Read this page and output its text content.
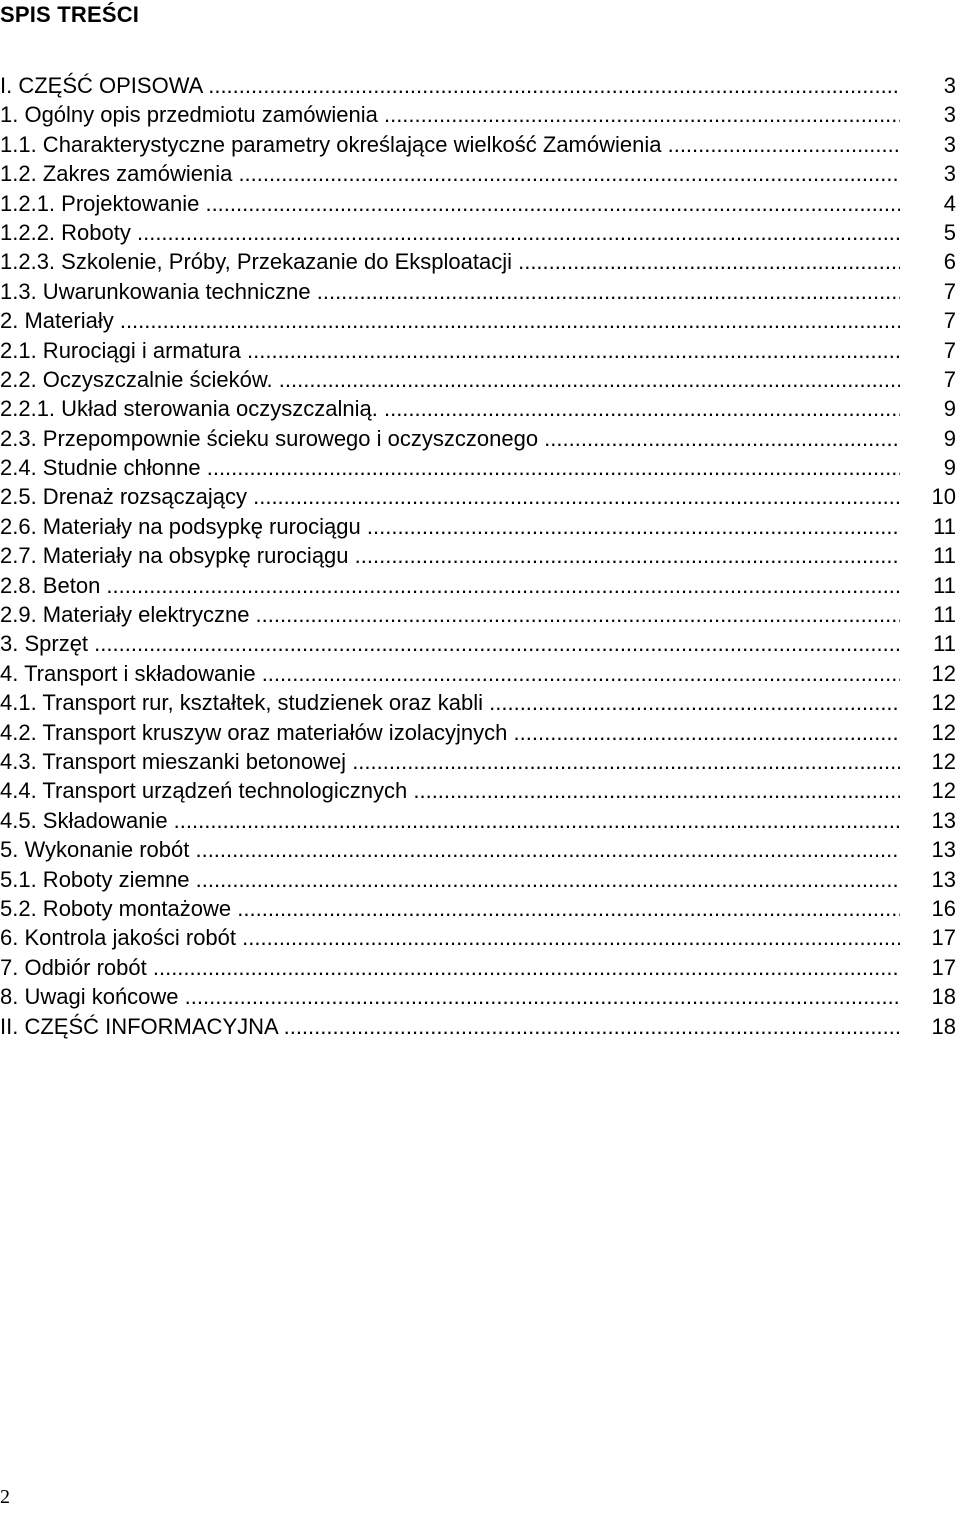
SPIS TREŚCI
I. CZĘŚĆ OPISOWA .....	3
1. Ogólny opis przedmiotu zamówienia .....	3
1.1. Charakterystyczne parametry określające wielkość Zamówienia .....	3
1.2. Zakres zamówienia .....	3
1.2.1. Projektowanie .....	4
1.2.2. Roboty .....	5
1.2.3. Szkolenie, Próby, Przekazanie do Eksploatacji .....	6
1.3. Uwarunkowania techniczne .....	7
2. Materiały .....	7
2.1. Rurociągi i armatura .....	7
2.2. Oczyszczalnie ścieków. .....	7
2.2.1. Układ sterowania oczyszczalnią. .....	9
2.3. Przepompownie ścieku surowego i oczyszczonego .....	9
2.4. Studnie chłonne .....	9
2.5. Drenaż rozsączający .....	10
2.6. Materiały na podsypkę rurociągu .....	11
2.7. Materiały na obsypkę rurociągu .....	11
2.8. Beton .....	11
2.9. Materiały elektryczne .....	11
3. Sprzęt .....	11
4. Transport i składowanie .....	12
4.1. Transport rur, kształtek, studzienek oraz kabli .....	12
4.2. Transport kruszyw oraz materiałów izolacyjnych .....	12
4.3. Transport mieszanki betonowej .....	12
4.4. Transport urządzeń technologicznych .....	12
4.5. Składowanie .....	13
5. Wykonanie robót .....	13
5.1. Roboty ziemne .....	13
5.2. Roboty montażowe .....	16
6. Kontrola jakości robót .....	17
7. Odbiór robót .....	17
8. Uwagi końcowe .....	18
II. CZĘŚĆ INFORMACYJNA .....	18
2
